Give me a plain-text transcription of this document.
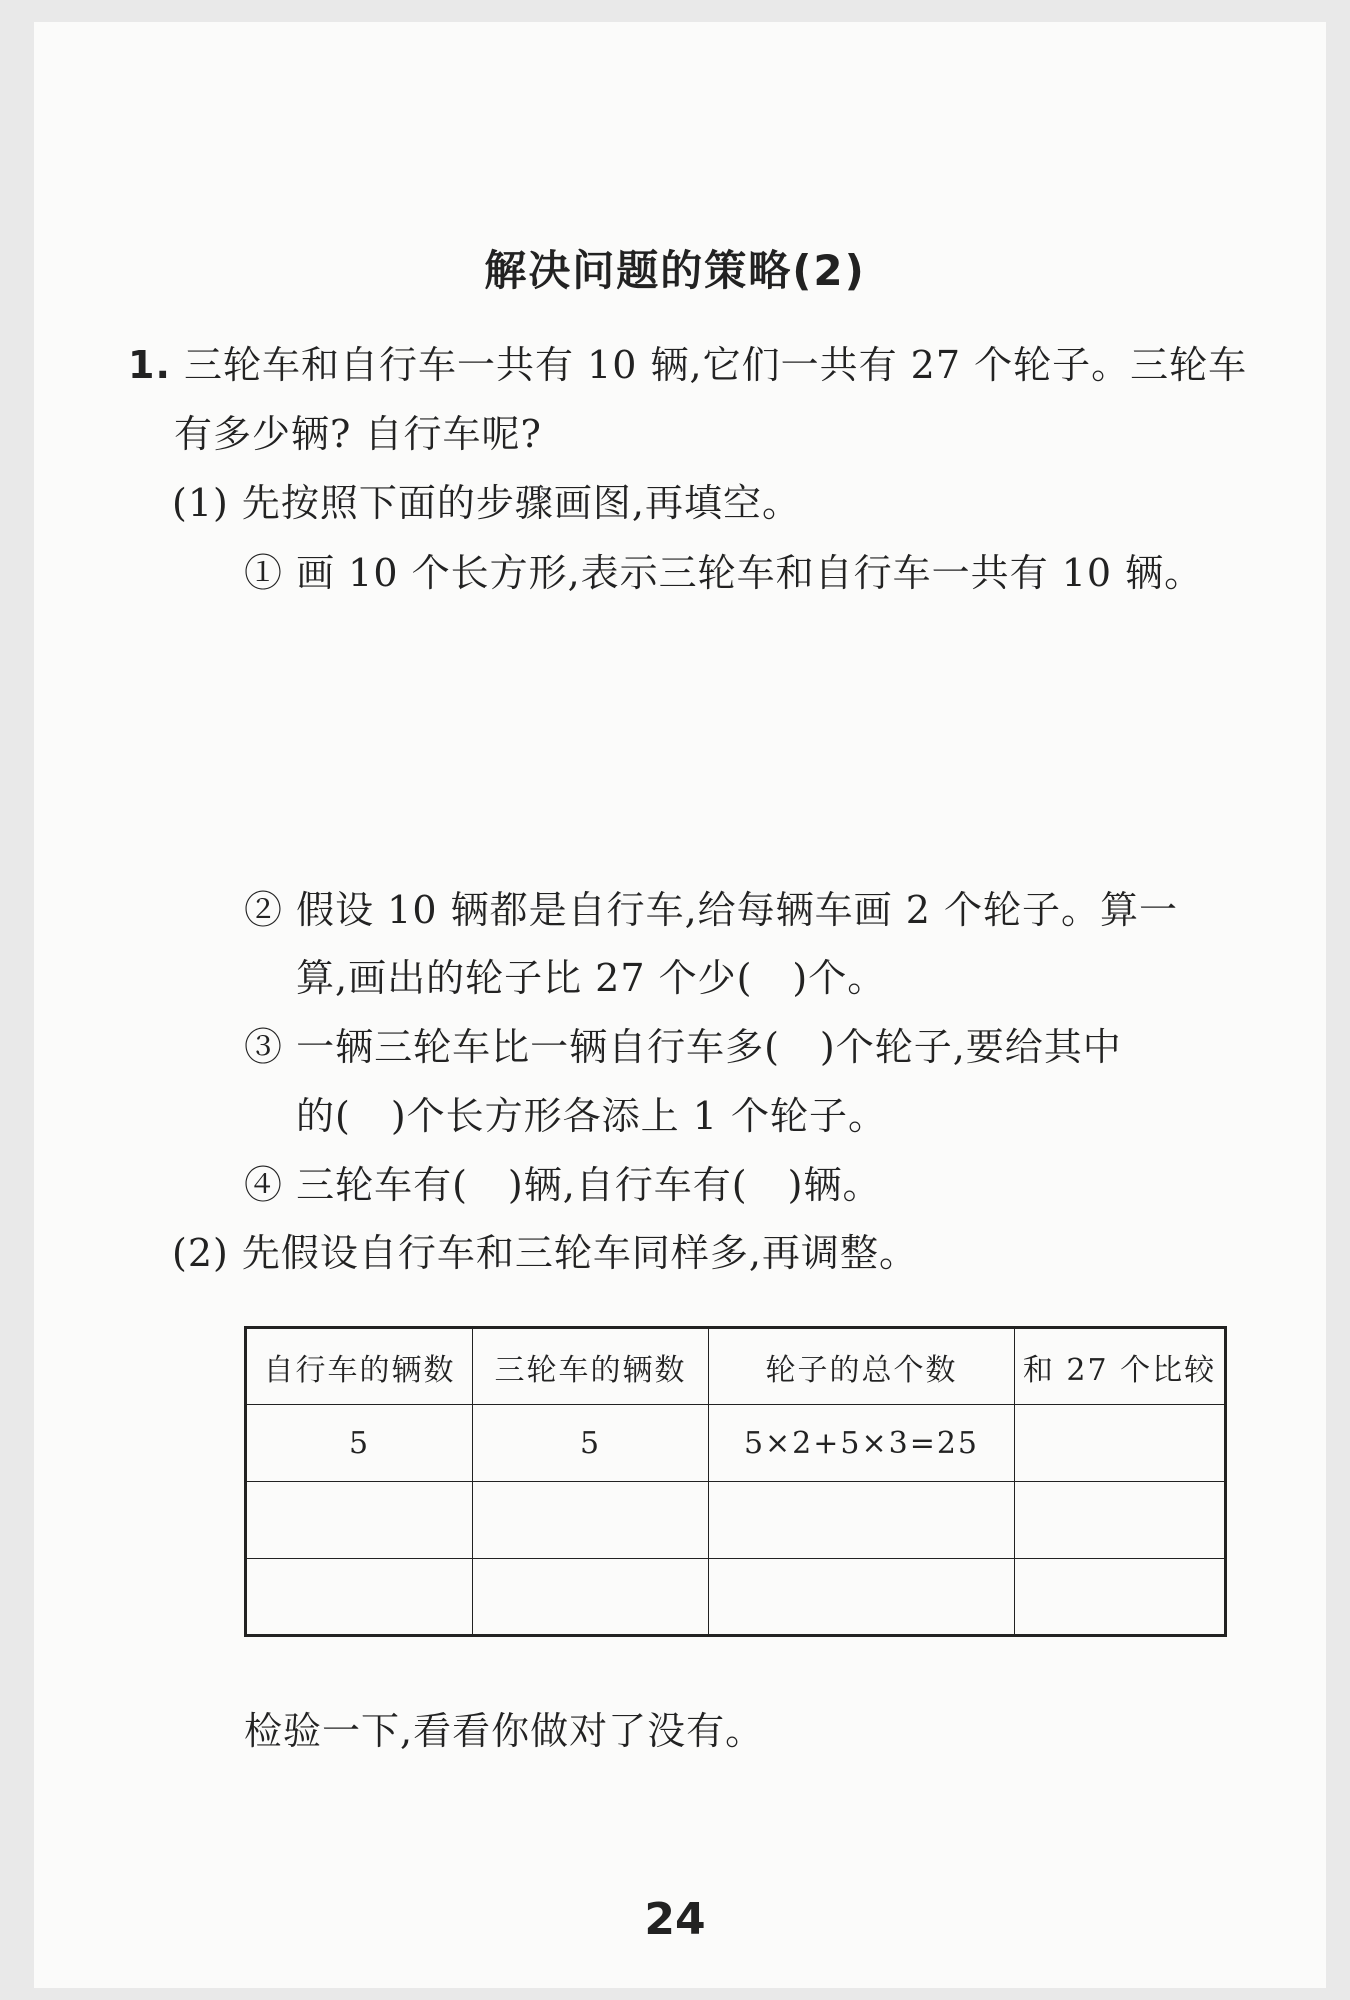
解决问题的策略(2)
1. 三轮车和自行车一共有 10 辆,它们一共有 27 个轮子。三轮车
有多少辆? 自行车呢?
(1) 先按照下面的步骤画图,再填空。
① 画 10 个长方形,表示三轮车和自行车一共有 10 辆。
② 假设 10 辆都是自行车,给每辆车画 2 个轮子。算一
算,画出的轮子比 27 个少( )个。
③ 一辆三轮车比一辆自行车多( )个轮子,要给其中
的( )个长方形各添上 1 个轮子。
④ 三轮车有( )辆,自行车有( )辆。
(2) 先假设自行车和三轮车同样多,再调整。
自行车的辆数	三轮车的辆数	轮子的总个数	和 27 个比较
5	5	5×2+5×3=25	

检验一下,看看你做对了没有。
24
